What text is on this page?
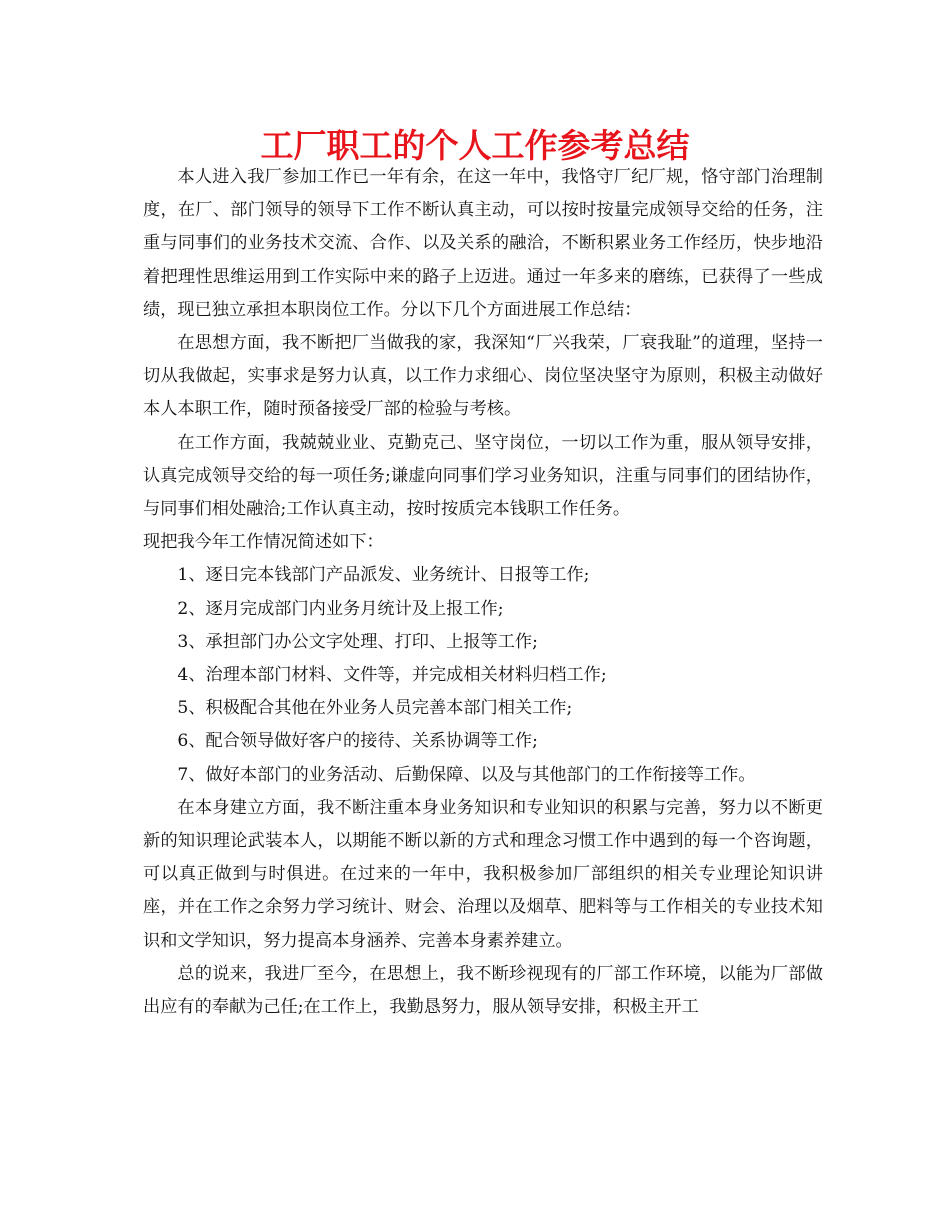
工厂职工的个人工作参考总结

本人进入我厂参加工作已一年有余，在这一年中，我恪守厂纪厂规，恪守部门治理制度，在厂、部门领导的领导下工作不断认真主动，可以按时按量完成领导交给的任务，注重与同事们的业务技术交流、合作、以及关系的融洽，不断积累业务工作经历，快步地沿着把理性思维运用到工作实际中来的路子上迈进。通过一年多来的磨练，已获得了一些成绩，现已独立承担本职岗位工作。分以下几个方面进展工作总结：

在思想方面，我不断把厂当做我的家，我深知“厂兴我荣，厂衰我耻”的道理，坚持一切从我做起，实事求是努力认真，以工作力求细心、岗位坚决坚守为原则，积极主动做好本人本职工作，随时预备接受厂部的检验与考核。

在工作方面，我兢兢业业、克勤克己、坚守岗位，一切以工作为重，服从领导安排，认真完成领导交给的每一项任务;谦虚向同事们学习业务知识，注重与同事们的团结协作，与同事们相处融洽;工作认真主动，按时按质完本钱职工作任务。

现把我今年工作情况简述如下：

1、逐日完本钱部门产品派发、业务统计、日报等工作;

2、逐月完成部门内业务月统计及上报工作;

3、承担部门办公文字处理、打印、上报等工作;

4、治理本部门材料、文件等，并完成相关材料归档工作;

5、积极配合其他在外业务人员完善本部门相关工作;

6、配合领导做好客户的接待、关系协调等工作;

7、做好本部门的业务活动、后勤保障、以及与其他部门的工作衔接等工作。

在本身建立方面，我不断注重本身业务知识和专业知识的积累与完善，努力以不断更新的知识理论武装本人，以期能不断以新的方式和理念习惯工作中遇到的每一个咨询题，可以真正做到与时俱进。在过来的一年中，我积极参加厂部组织的相关专业理论知识讲座，并在工作之余努力学习统计、财会、治理以及烟草、肥料等与工作相关的专业技术知识和文学知识，努力提高本身涵养、完善本身素养建立。

总的说来，我进厂至今，在思想上，我不断珍视现有的厂部工作环境，以能为厂部做出应有的奉献为己任;在工作上，我勤恳努力，服从领导安排，积极主开工
